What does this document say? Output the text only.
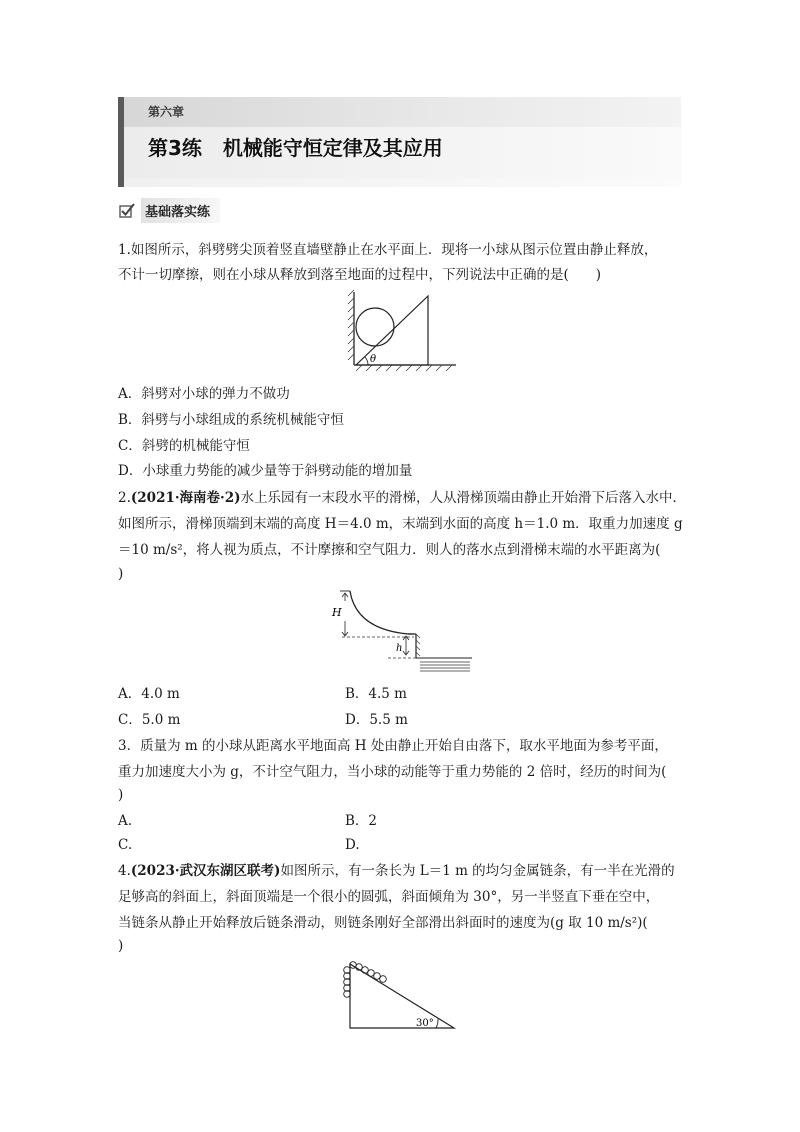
第六章
第3练 机械能守恒定律及其应用
基础落实练
1.如图所示，斜劈劈尖顶着竖直墙壁静止在水平面上．现将一小球从图示位置由静止释放，
不计一切摩擦，则在小球从释放到落至地面的过程中，下列说法中正确的是(　　)
θ
A．斜劈对小球的弹力不做功
B．斜劈与小球组成的系统机械能守恒
C．斜劈的机械能守恒
D．小球重力势能的减少量等于斜劈动能的增加量
2.(2021·海南卷·2)水上乐园有一末段水平的滑梯，人从滑梯顶端由静止开始滑下后落入水中．
如图所示，滑梯顶端到末端的高度 H＝4.0 m，末端到水面的高度 h＝1.0 m．取重力加速度 g
＝10 m/s²，将人视为质点，不计摩擦和空气阻力．则人的落水点到滑梯末端的水平距离为(
)
H
h
A．4.0 m	B．4.5 m
C．5.0 m	D．5.5 m
3．质量为 m 的小球从距离水平地面高 H 处由静止开始自由落下，取水平地面为参考平面，
重力加速度大小为 g，不计空气阻力，当小球的动能等于重力势能的 2 倍时，经历的时间为(
)
A.	B．2
C.	D.
4.(2023·武汉东湖区联考)如图所示，有一条长为 L＝1 m 的均匀金属链条，有一半在光滑的
足够高的斜面上，斜面顶端是一个很小的圆弧，斜面倾角为 30°，另一半竖直下垂在空中，
当链条从静止开始释放后链条滑动，则链条刚好全部滑出斜面时的速度为(g 取 10 m/s²)(
)
30°
